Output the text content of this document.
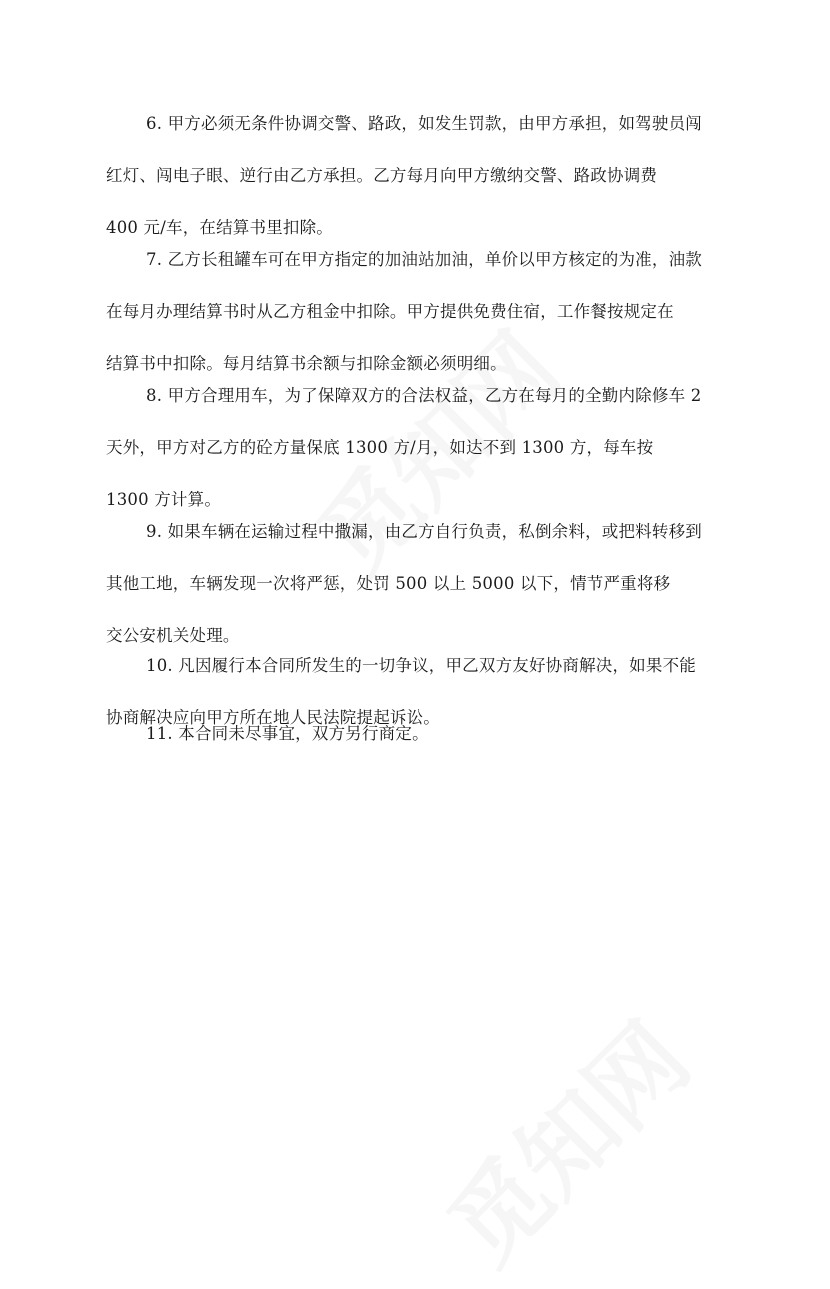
6. 甲方必须无条件协调交警、路政，如发生罚款，由甲方承担，如驾驶员闯
红灯、闯电子眼、逆行由乙方承担。乙方每月向甲方缴纳交警、路政协调费
400 元/车，在结算书里扣除。
7. 乙方长租罐车可在甲方指定的加油站加油，单价以甲方核定的为准，油款
在每月办理结算书时从乙方租金中扣除。甲方提供免费住宿，工作餐按规定在
结算书中扣除。每月结算书余额与扣除金额必须明细。
8. 甲方合理用车，为了保障双方的合法权益，乙方在每月的全勤内除修车 2
天外，甲方对乙方的砼方量保底 1300 方/月，如达不到 1300 方，每车按
1300 方计算。
9. 如果车辆在运输过程中撒漏，由乙方自行负责，私倒余料，或把料转移到
其他工地，车辆发现一次将严惩，处罚 500 以上 5000 以下，情节严重将移
交公安机关处理。
10. 凡因履行本合同所发生的一切争议，甲乙双方友好协商解决，如果不能
协商解决应向甲方所在地人民法院提起诉讼。
11. 本合同未尽事宜，双方另行商定。
